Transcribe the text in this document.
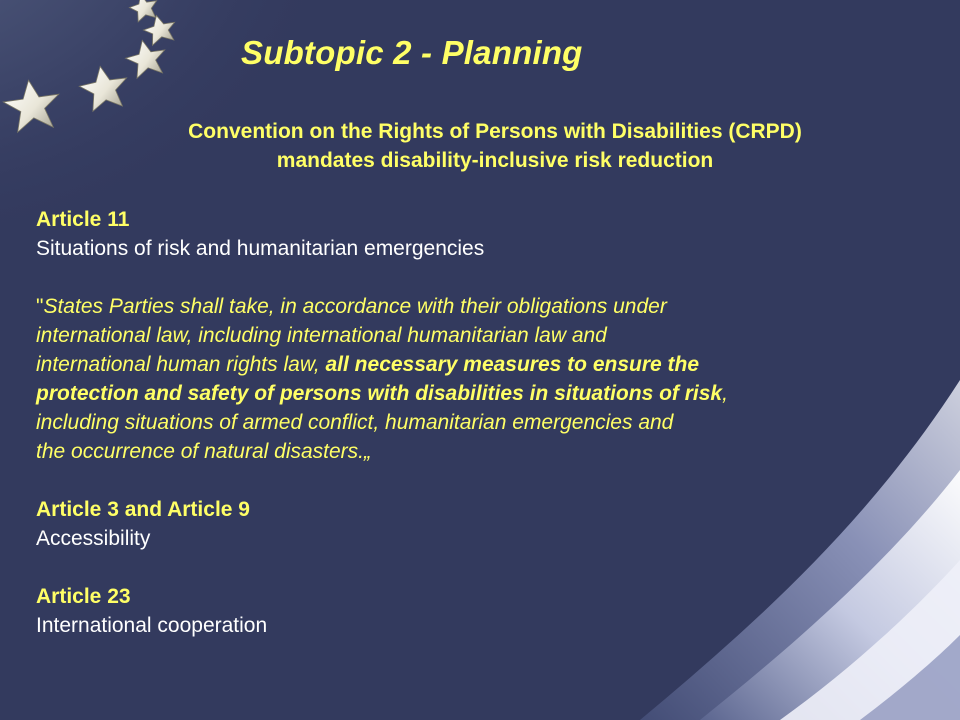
Subtopic 2 - Planning
Convention on the Rights of Persons with Disabilities (CRPD)
mandates disability-inclusive risk reduction
Article 11
Situations of risk and humanitarian emergencies
"States Parties shall take, in accordance with their obligations under
international law, including international humanitarian law and
international human rights law, all necessary measures to ensure the
protection and safety of persons with disabilities in situations of risk,
including situations of armed conflict, humanitarian emergencies and
the occurrence of natural disasters.„
Article 3 and Article 9
Accessibility
Article 23
International cooperation
